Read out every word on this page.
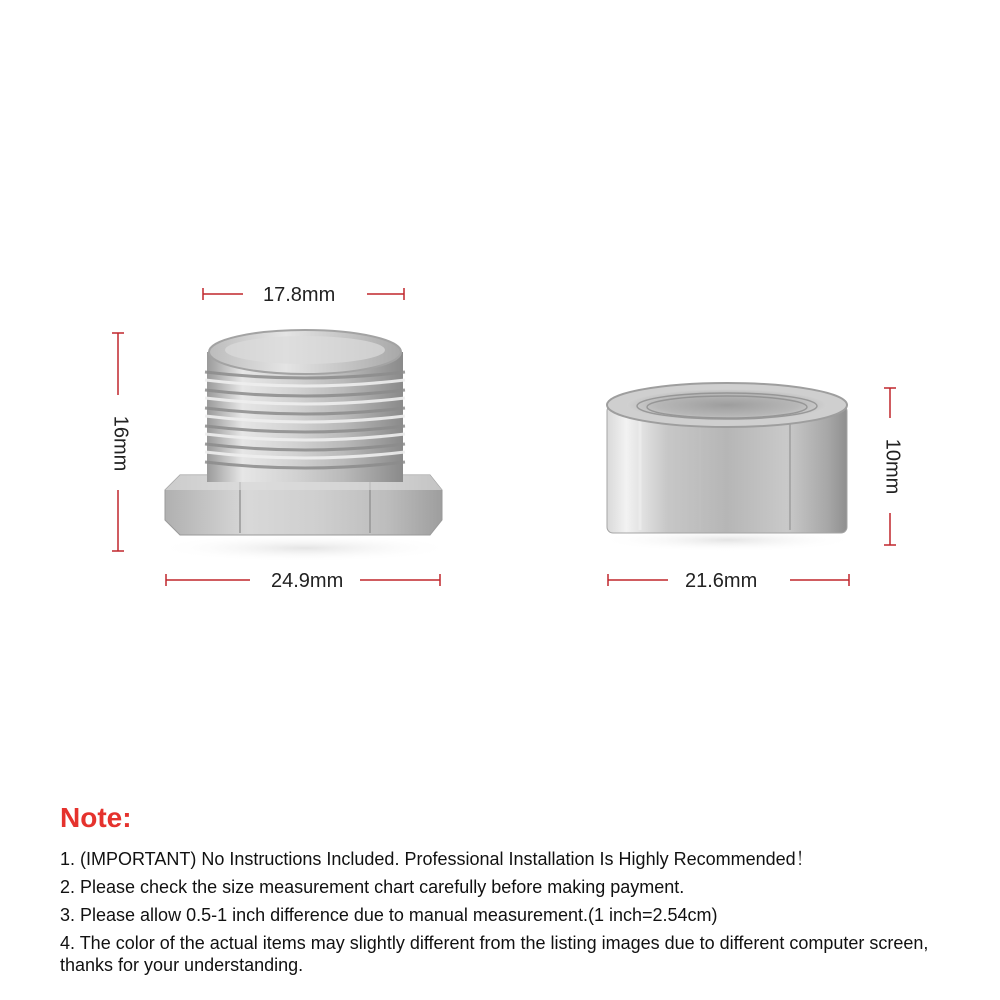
17.8mm
16mm
24.9mm
10mm
21.6mm
Note:
1. (IMPORTANT) No Instructions Included. Professional Installation Is Highly Recommended！
2. Please check the size measurement chart carefully before making payment.
3. Please allow 0.5-1 inch difference due to manual measurement.(1 inch=2.54cm)
4. The color of the actual items may slightly different from the listing images due to different computer screen, thanks for your understanding.
